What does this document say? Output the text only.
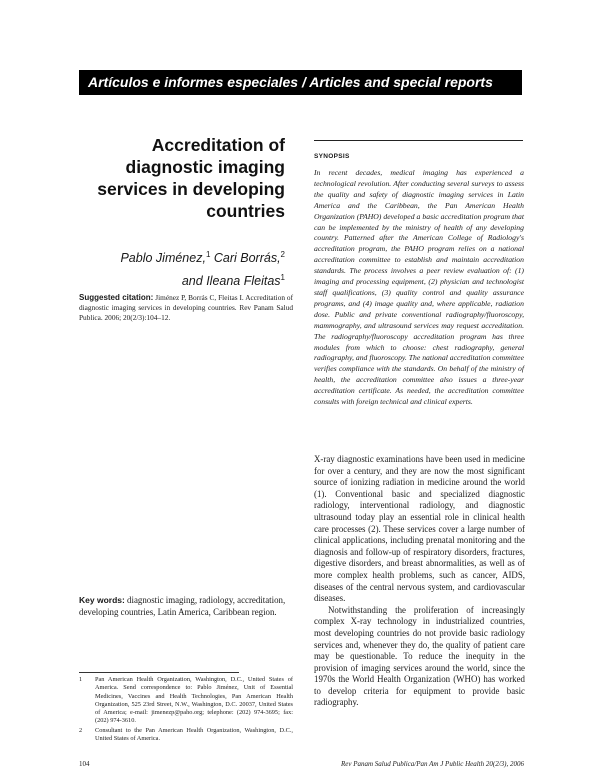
Artículos e informes especiales / Articles and special reports
Accreditation of diagnostic imaging services in developing countries
Pablo Jiménez,$^1$ Cari Borrás,$^2$
and Ileana Fleitas$^1$
Suggested citation: Jiménez P, Borrás C, Fleitas I. Accreditation of diagnostic imaging services in developing countries. Rev Panam Salud Publica. 2006; 20(2/3):104–12.
SYNOPSIS
In recent decades, medical imaging has experienced a technological revolution. After conducting several surveys to assess the quality and safety of diagnostic imaging services in Latin America and the Caribbean, the Pan American Health Organization (PAHO) developed a basic accreditation program that can be implemented by the ministry of health of any developing country. Patterned after the American College of Radiology's accreditation program, the PAHO program relies on a national accreditation committee to establish and maintain accreditation standards. The process involves a peer review evaluation of: (1) imaging and processing equipment, (2) physician and technologist staff qualifications, (3) quality control and quality assurance programs, and (4) image quality and, where applicable, radiation dose. Public and private conventional radiography/fluoroscopy, mammography, and ultrasound services may request accreditation. The radiography/fluoroscopy accreditation program has three modules from which to choose: chest radiography, general radiography, and fluoroscopy. The national accreditation committee verifies compliance with the standards. On behalf of the ministry of health, the accreditation committee also issues a three-year accreditation certificate. As needed, the accreditation committee consults with foreign technical and clinical experts.

X-ray diagnostic examinations have been used in medicine for over a century, and they are now the most significant source of ionizing radiation in medicine around the world (1). Conventional basic and specialized diagnostic radiology, interventional radiology, and diagnostic ultrasound today play an essential role in clinical health care processes (2). These services cover a large number of clinical applications, including prenatal monitoring and the diagnosis and follow-up of respiratory disorders, fractures, digestive disorders, and breast abnormalities, as well as of more complex health problems, such as cancer, AIDS, diseases of the central nervous system, and cardiovascular diseases.

Notwithstanding the proliferation of increasingly complex X-ray technology in industrialized countries, most developing countries do not provide basic radiology services and, whenever they do, the quality of patient care may be questionable. To reduce the inequity in the provision of imaging services around the world, since the 1970s the World Health Organization (WHO) has worked to develop criteria for equipment to provide basic radiography.

Key words: diagnostic imaging, radiology, accreditation, developing countries, Latin America, Caribbean region.
1 Pan American Health Organization, Washington, D.C., United States of America. Send correspondence to: Pablo Jiménez, Unit of Essential Medicines, Vaccines and Health Technologies, Pan American Health Organization, 525 23rd Street, N.W., Washington, D.C. 20037, United States of America; e-mail: jimenezp@paho.org; telephone: (202) 974-3695; fax: (202) 974-3610.
2 Consultant to the Pan American Health Organization, Washington, D.C., United States of America.
104	Rev Panam Salud Publica/Pan Am J Public Health 20(2/3), 2006
